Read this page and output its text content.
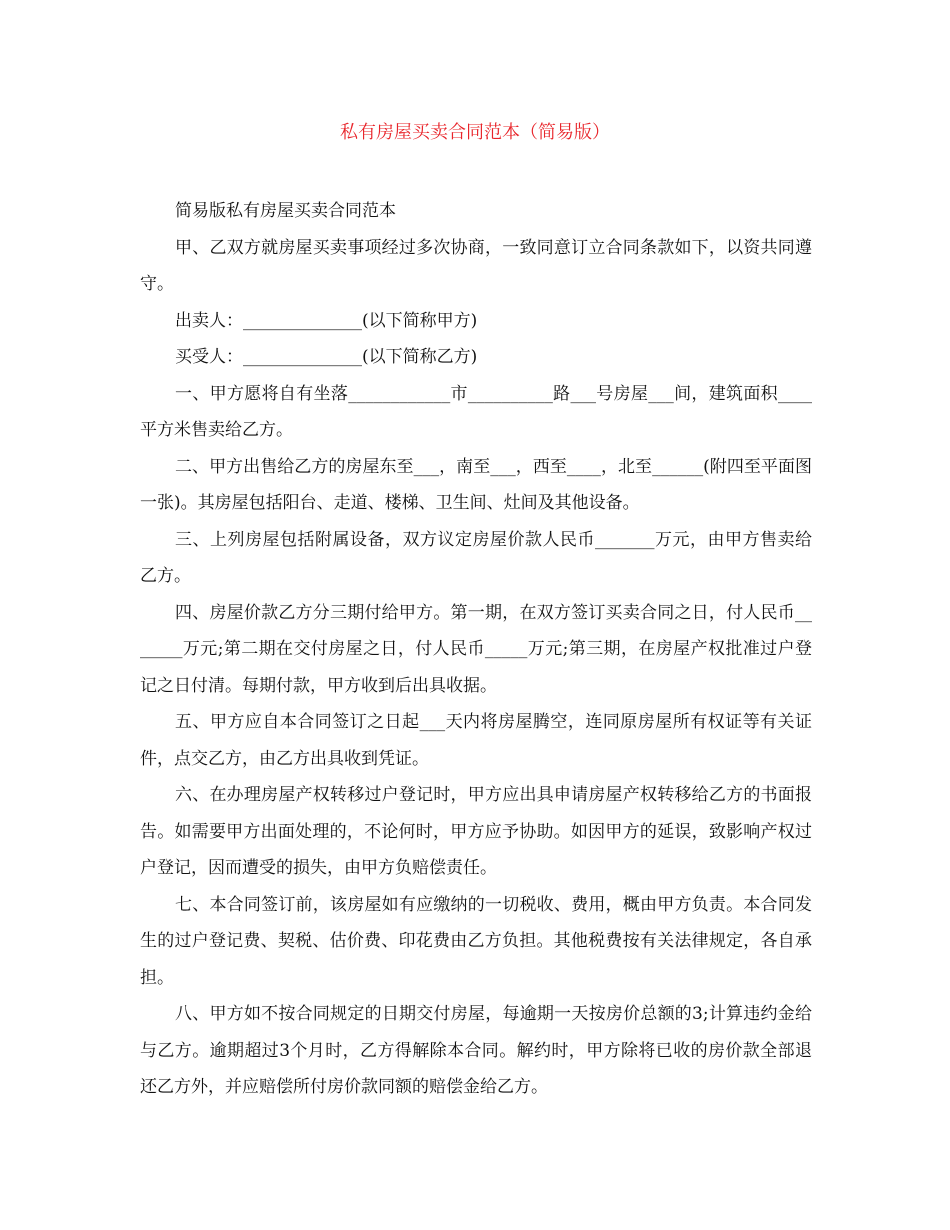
私有房屋买卖合同范本（简易版）

简易版私有房屋买卖合同范本

甲、乙双方就房屋买卖事项经过多次协商，一致同意订立合同条款如下，以资共同遵守。

出卖人：______________(以下简称甲方)

买受人：______________(以下简称乙方)

一、甲方愿将自有坐落____________市__________路___号房屋___间，建筑面积____平方米售卖给乙方。

二、甲方出售给乙方的房屋东至___，南至___，西至____，北至______(附四至平面图一张)。其房屋包括阳台、走道、楼梯、卫生间、灶间及其他设备。

三、上列房屋包括附属设备，双方议定房屋价款人民币_______万元，由甲方售卖给乙方。

四、房屋价款乙方分三期付给甲方。第一期，在双方签订买卖合同之日，付人民币_______万元;第二期在交付房屋之日，付人民币_____万元;第三期，在房屋产权批准过户登记之日付清。每期付款，甲方收到后出具收据。

五、甲方应自本合同签订之日起___天内将房屋腾空，连同原房屋所有权证等有关证件，点交乙方，由乙方出具收到凭证。

六、在办理房屋产权转移过户登记时，甲方应出具申请房屋产权转移给乙方的书面报告。如需要甲方出面处理的，不论何时，甲方应予协助。如因甲方的延误，致影响产权过户登记，因而遭受的损失，由甲方负赔偿责任。

七、本合同签订前，该房屋如有应缴纳的一切税收、费用，概由甲方负责。本合同发生的过户登记费、契税、估价费、印花费由乙方负担。其他税费按有关法律规定，各自承担。

八、甲方如不按合同规定的日期交付房屋，每逾期一天按房价总额的3;计算违约金给与乙方。逾期超过3个月时，乙方得解除本合同。解约时，甲方除将已收的房价款全部退还乙方外，并应赔偿所付房价款同额的赔偿金给乙方。
